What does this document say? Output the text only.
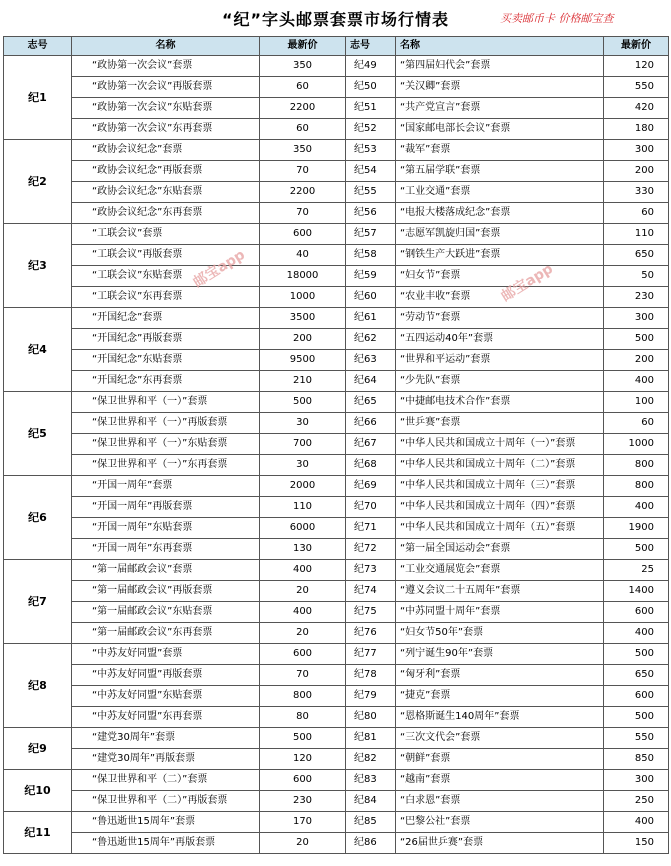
“纪”字头邮票套票市场行情表	买卖邮币卡 价格邮宝查
志号	名称	最新价	志号	名称	最新价
纪1	“政协第一次会议”套票	350	纪49	“第四届妇代会”套票	120
	“政协第一次会议”再版套票	60	纪50	“关汉卿”套票	550
	“政协第一次会议”东贴套票	2200	纪51	“共产党宣言”套票	420
	“政协第一次会议”东再套票	60	纪52	“国家邮电部长会议”套票	180
纪2	“政协会议纪念”套票	350	纪53	“裁军”套票	300
	“政协会议纪念”再版套票	70	纪54	“第五届学联”套票	200
	“政协会议纪念”东贴套票	2200	纪55	“工业交通”套票	330
	“政协会议纪念”东再套票	70	纪56	“电报大楼落成纪念”套票	60
纪3	“工联会议”套票	600	纪57	“志愿军凯旋归国”套票	110
	“工联会议”再版套票	40	纪58	“钢铁生产大跃进”套票	650
	“工联会议”东贴套票	18000	纪59	“妇女节”套票	50
	“工联会议”东再套票	1000	纪60	“农业丰收”套票	230
纪4	“开国纪念”套票	3500	纪61	“劳动节”套票	300
	“开国纪念”再版套票	200	纪62	“五四运动40年”套票	500
	“开国纪念”东贴套票	9500	纪63	“世界和平运动”套票	200
	“开国纪念”东再套票	210	纪64	“少先队”套票	400
纪5	“保卫世界和平（一）”套票	500	纪65	“中捷邮电技术合作”套票	100
	“保卫世界和平（一）”再版套票	30	纪66	“世乒赛”套票	60
	“保卫世界和平（一）”东贴套票	700	纪67	“中华人民共和国成立十周年（一）”套票	1000
	“保卫世界和平（一）”东再套票	30	纪68	“中华人民共和国成立十周年（二）”套票	800
纪6	“开国一周年”套票	2000	纪69	“中华人民共和国成立十周年（三）”套票	800
	“开国一周年”再版套票	110	纪70	“中华人民共和国成立十周年（四）”套票	400
	“开国一周年”东贴套票	6000	纪71	“中华人民共和国成立十周年（五）”套票	1900
	“开国一周年”东再套票	130	纪72	“第一届全国运动会”套票	500
纪7	“第一届邮政会议”套票	400	纪73	“工业交通展览会”套票	25
	“第一届邮政会议”再版套票	20	纪74	“遵义会议二十五周年”套票	1400
	“第一届邮政会议”东贴套票	400	纪75	“中苏同盟十周年”套票	600
	“第一届邮政会议”东再套票	20	纪76	“妇女节50年”套票	400
纪8	“中苏友好同盟”套票	600	纪77	“列宁诞生90年”套票	500
	“中苏友好同盟”再版套票	70	纪78	“匈牙利”套票	650
	“中苏友好同盟”东贴套票	800	纪79	“捷克”套票	600
	“中苏友好同盟”东再套票	80	纪80	“恩格斯诞生140周年”套票	500
纪9	“建党30周年”套票	500	纪81	“三次文代会”套票	550
	“建党30周年”再版套票	120	纪82	“朝鲜”套票	850
纪10	“保卫世界和平（二）”套票	600	纪83	“越南”套票	300
	“保卫世界和平（二）”再版套票	230	纪84	“白求恩”套票	250
纪11	“鲁迅逝世15周年”套票	170	纪85	“巴黎公社”套票	400
	“鲁迅逝世15周年”再版套票	20	纪86	“26届世乒赛”套票	150
邮宝app	邮宝app
